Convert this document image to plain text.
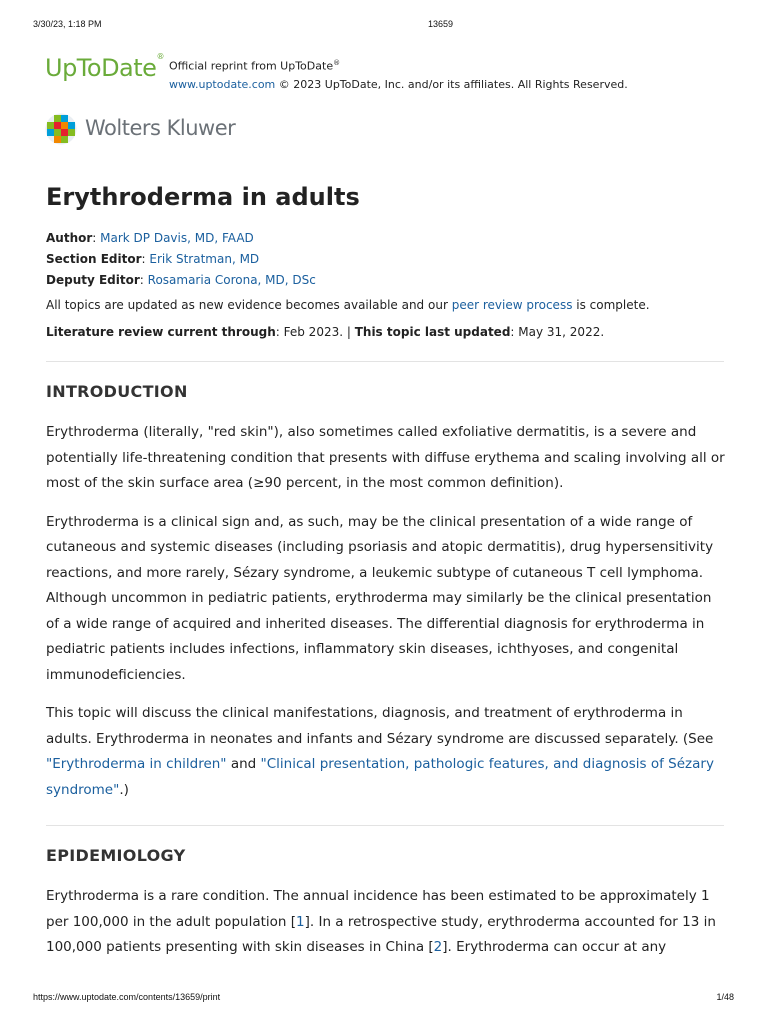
3/30/23, 1:18 PM	13659
UpToDate®
Official reprint from UpToDate®
www.uptodate.com © 2023 UpToDate, Inc. and/or its affiliates. All Rights Reserved.
Wolters Kluwer
Erythroderma in adults
Author: Mark DP Davis, MD, FAAD
Section Editor: Erik Stratman, MD
Deputy Editor: Rosamaria Corona, MD, DSc
All topics are updated as new evidence becomes available and our peer review process is complete.
Literature review current through: Feb 2023. | This topic last updated: May 31, 2022.
INTRODUCTION

Erythroderma (literally, "red skin"), also sometimes called exfoliative dermatitis, is a severe and potentially life-threatening condition that presents with diffuse erythema and scaling involving all or most of the skin surface area (≥90 percent, in the most common definition).

Erythroderma is a clinical sign and, as such, may be the clinical presentation of a wide range of cutaneous and systemic diseases (including psoriasis and atopic dermatitis), drug hypersensitivity reactions, and more rarely, Sézary syndrome, a leukemic subtype of cutaneous T cell lymphoma. Although uncommon in pediatric patients, erythroderma may similarly be the clinical presentation of a wide range of acquired and inherited diseases. The differential diagnosis for erythroderma in pediatric patients includes infections, inflammatory skin diseases, ichthyoses, and congenital immunodeficiencies.

This topic will discuss the clinical manifestations, diagnosis, and treatment of erythroderma in adults. Erythroderma in neonates and infants and Sézary syndrome are discussed separately. (See "Erythroderma in children" and "Clinical presentation, pathologic features, and diagnosis of Sézary syndrome".)

EPIDEMIOLOGY

Erythroderma is a rare condition. The annual incidence has been estimated to be approximately 1 per 100,000 in the adult population [1]. In a retrospective study, erythroderma accounted for 13 in 100,000 patients presenting with skin diseases in China [2]. Erythroderma can occur at any

https://www.uptodate.com/contents/13659/print	1/48
